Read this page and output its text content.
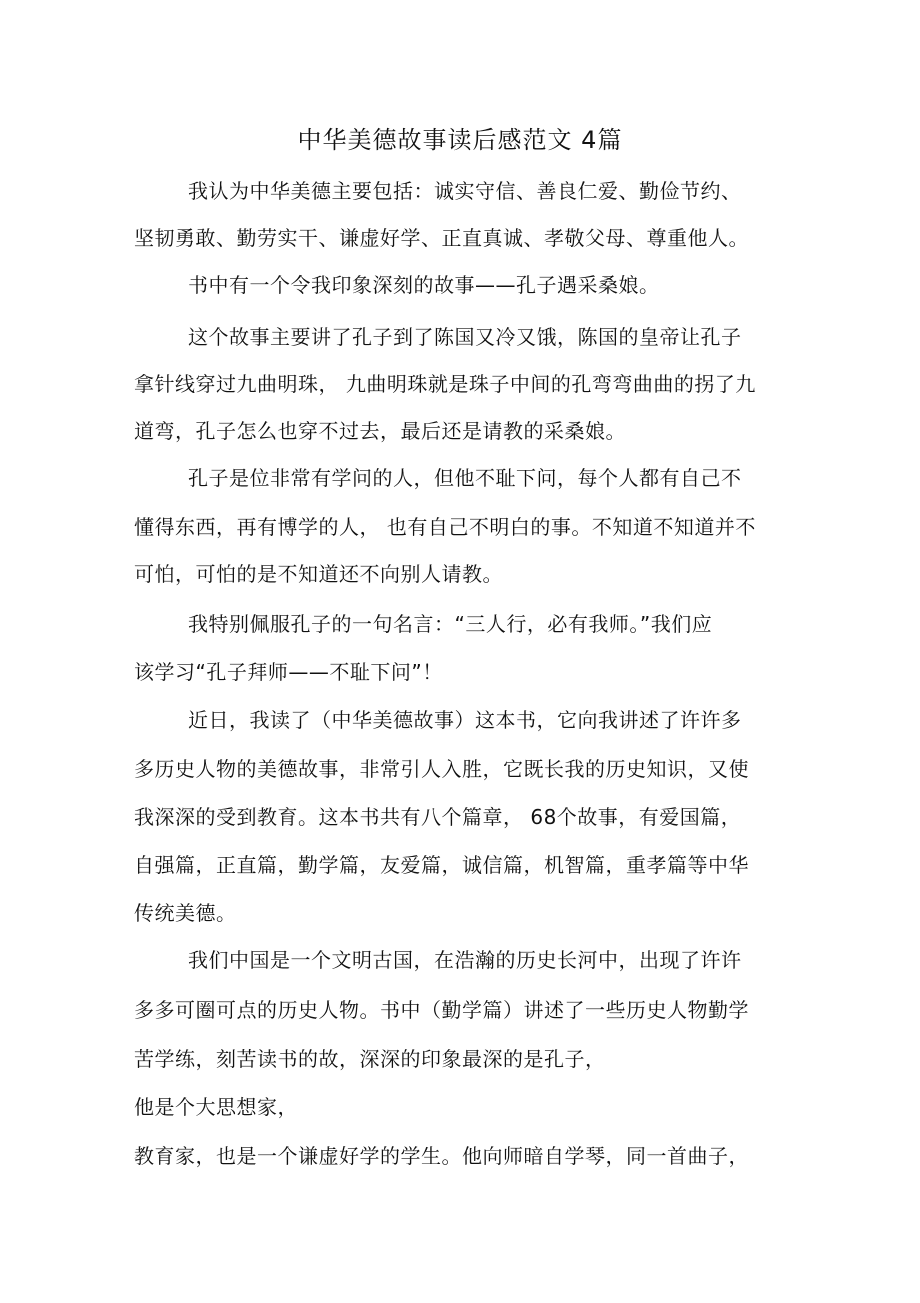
中华美德故事读后感范文 4篇
我认为中华美德主要包括：诚实守信、善良仁爱、勤俭节约、
坚韧勇敢、勤劳实干、谦虚好学、正直真诚、孝敬父母、尊重他人。
书中有一个令我印象深刻的故事——孔子遇采桑娘。
这个故事主要讲了孔子到了陈国又冷又饿，陈国的皇帝让孔子
拿针线穿过九曲明珠， 九曲明珠就是珠子中间的孔弯弯曲曲的拐了九
道弯，孔子怎么也穿不过去，最后还是请教的采桑娘。
孔子是位非常有学问的人，但他不耻下问，每个人都有自己不
懂得东西，再有博学的人， 也有自己不明白的事。不知道不知道并不
可怕，可怕的是不知道还不向别人请教。
我特别佩服孔子的一句名言：“三人行，必有我师。”我们应
该学习“孔子拜师——不耻下问”！
近日，我读了（中华美德故事）这本书，它向我讲述了许许多
多历史人物的美德故事，非常引人入胜，它既长我的历史知识，又使
我深深的受到教育。这本书共有八个篇章， 68个故事，有爱国篇，
自强篇，正直篇，勤学篇，友爱篇，诚信篇，机智篇，重孝篇等中华
传统美德。
我们中国是一个文明古国，在浩瀚的历史长河中，出现了许许
多多可圈可点的历史人物。书中（勤学篇）讲述了一些历史人物勤学
苦学练，刻苦读书的故，深深的印象最深的是孔子，
他是个大思想家，
教育家，也是一个谦虚好学的学生。他向师暗自学琴，同一首曲子，
